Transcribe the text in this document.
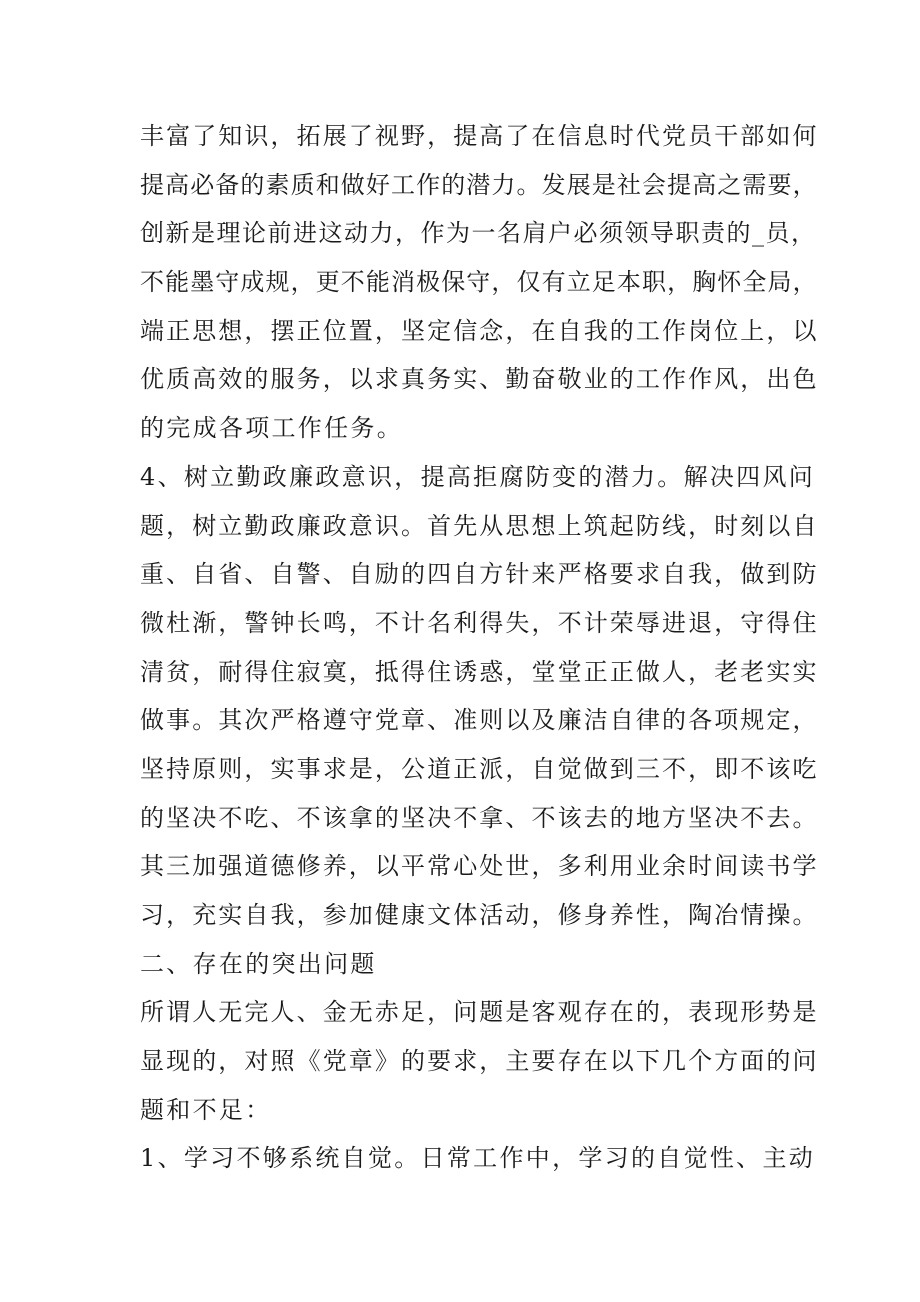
丰富了知识，拓展了视野，提高了在信息时代党员干部如何
提高必备的素质和做好工作的潜力。发展是社会提高之需要，
创新是理论前进这动力，作为一名肩户必须领导职责的_员，
不能墨守成规，更不能消极保守，仅有立足本职，胸怀全局，
端正思想，摆正位置，坚定信念，在自我的工作岗位上，以
优质高效的服务，以求真务实、勤奋敬业的工作作风，出色
的完成各项工作任务。
4、树立勤政廉政意识，提高拒腐防变的潜力。解决四风问
题，树立勤政廉政意识。首先从思想上筑起防线，时刻以自
重、自省、自警、自励的四自方针来严格要求自我，做到防
微杜渐，警钟长鸣，不计名利得失，不计荣辱进退，守得住
清贫，耐得住寂寞，抵得住诱惑，堂堂正正做人，老老实实
做事。其次严格遵守党章、准则以及廉洁自律的各项规定，
坚持原则，实事求是，公道正派，自觉做到三不，即不该吃
的坚决不吃、不该拿的坚决不拿、不该去的地方坚决不去。
其三加强道德修养，以平常心处世，多利用业余时间读书学
习，充实自我，参加健康文体活动，修身养性，陶冶情操。
二、存在的突出问题
所谓人无完人、金无赤足，问题是客观存在的，表现形势是
显现的，对照《党章》的要求，主要存在以下几个方面的问
题和不足：
1、学习不够系统自觉。日常工作中，学习的自觉性、主动
